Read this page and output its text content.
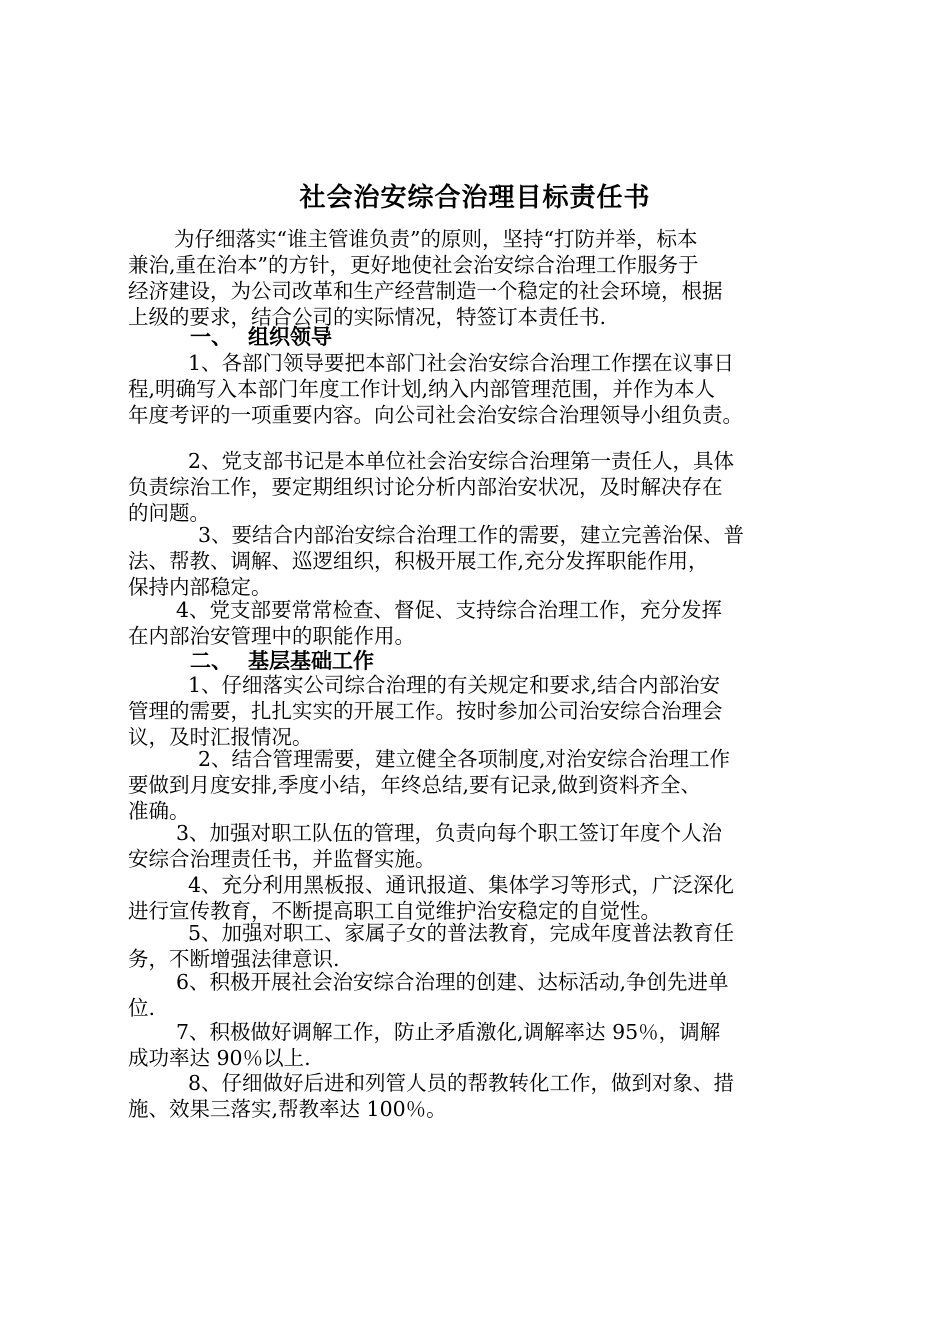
社会治安综合治理目标责任书
为仔细落实“谁主管谁负责”的原则，坚持“打防并举，标本
兼治,重在治本”的方针，更好地使社会治安综合治理工作服务于
经济建设，为公司改革和生产经营制造一个稳定的社会环境，根据
上级的要求，结合公司的实际情况，特签订本责任书.
一、 组织领导
1、各部门领导要把本部门社会治安综合治理工作摆在议事日
程,明确写入本部门年度工作计划,纳入内部管理范围，并作为本人
年度考评的一项重要内容。向公司社会治安综合治理领导小组负责。
2、党支部书记是本单位社会治安综合治理第一责任人，具体
负责综治工作，要定期组织讨论分析内部治安状况，及时解决存在
的问题。
3、要结合内部治安综合治理工作的需要，建立完善治保、普
法、帮教、调解、巡逻组织，积极开展工作,充分发挥职能作用，
保持内部稳定。
4、党支部要常常检查、督促、支持综合治理工作，充分发挥
在内部治安管理中的职能作用。
二、 基层基础工作
1、仔细落实公司综合治理的有关规定和要求,结合内部治安
管理的需要，扎扎实实的开展工作。按时参加公司治安综合治理会
议，及时汇报情况。
2、结合管理需要，建立健全各项制度,对治安综合治理工作
要做到月度安排,季度小结，年终总结,要有记录,做到资料齐全、
准确。
3、加强对职工队伍的管理，负责向每个职工签订年度个人治
安综合治理责任书，并监督实施。
4、充分利用黑板报、通讯报道、集体学习等形式，广泛深化
进行宣传教育，不断提高职工自觉维护治安稳定的自觉性。
5、加强对职工、家属子女的普法教育，完成年度普法教育任
务，不断增强法律意识.
6、积极开展社会治安综合治理的创建、达标活动,争创先进单
位.
7、积极做好调解工作，防止矛盾激化,调解率达 95％，调解
成功率达 90％以上.
8、仔细做好后进和列管人员的帮教转化工作，做到对象、措
施、效果三落实,帮教率达 100％。
